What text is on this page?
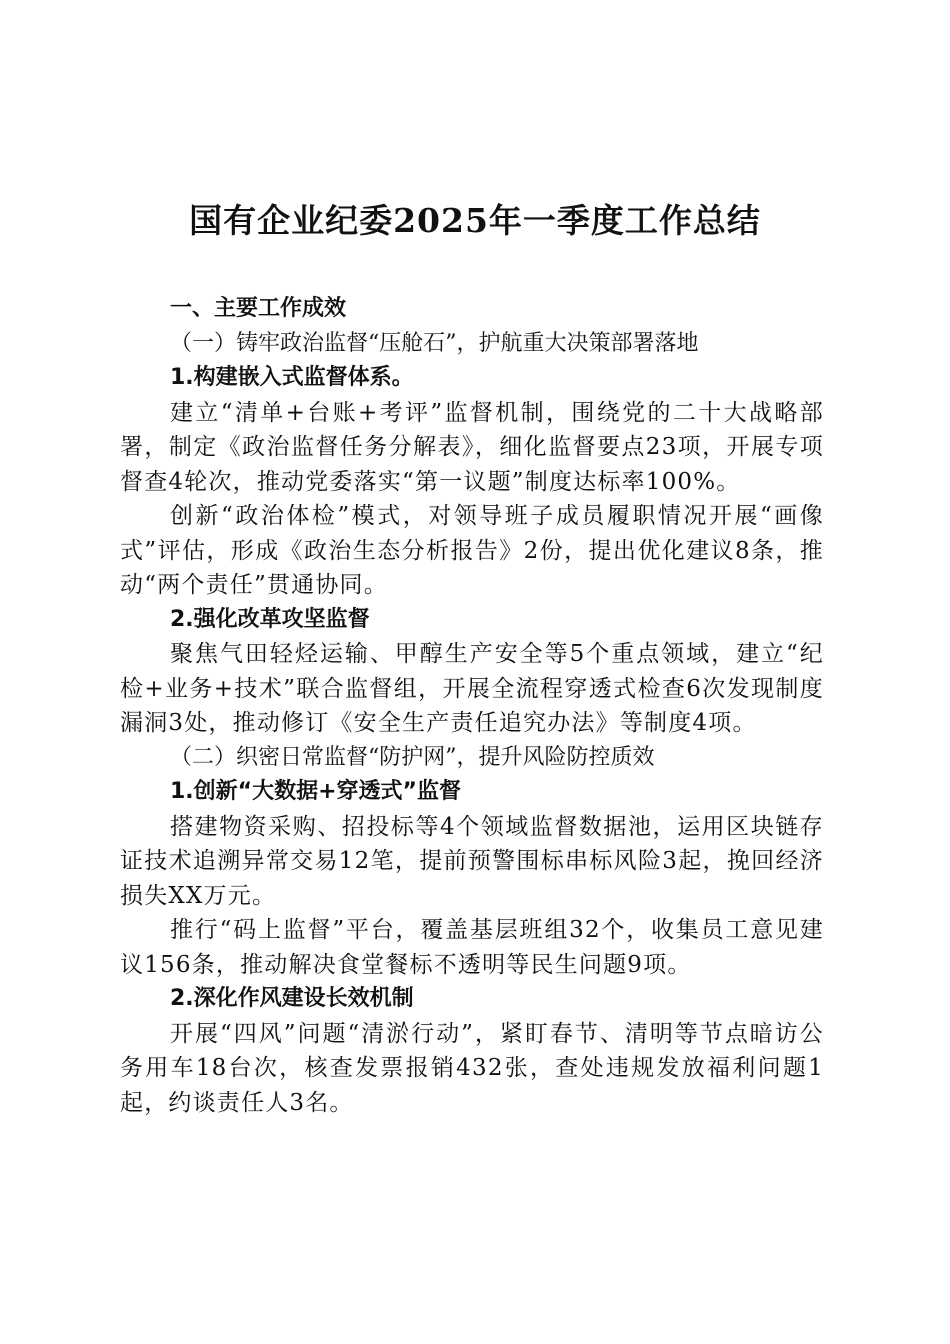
国有企业纪委2025年一季度工作总结

一、主要工作成效

（一）铸牢政治监督“压舱石”，护航重大决策部署落地

1.构建嵌入式监督体系。

建立“清单+台账+考评”监督机制，围绕党的二十大战略部署，制定《政治监督任务分解表》，细化监督要点23项，开展专项督查4轮次，推动党委落实“第一议题”制度达标率100%。

创新“政治体检”模式，对领导班子成员履职情况开展“画像式”评估，形成《政治生态分析报告》2份，提出优化建议8条，推动“两个责任”贯通协同。

2.强化改革攻坚监督

聚焦气田轻烃运输、甲醇生产安全等5个重点领域，建立“纪检+业务+技术”联合监督组，开展全流程穿透式检查6次发现制度漏洞3处，推动修订《安全生产责任追究办法》等制度4项。

（二）织密日常监督“防护网”，提升风险防控质效

1.创新“大数据+穿透式”监督

搭建物资采购、招投标等4个领域监督数据池，运用区块链存证技术追溯异常交易12笔，提前预警围标串标风险3起，挽回经济损失XX万元。

推行“码上监督”平台，覆盖基层班组32个，收集员工意见建议156条，推动解决食堂餐标不透明等民生问题9项。

2.深化作风建设长效机制

开展“四风”问题“清淤行动”，紧盯春节、清明等节点暗访公务用车18台次，核查发票报销432张，查处违规发放福利问题1起，约谈责任人3名。
